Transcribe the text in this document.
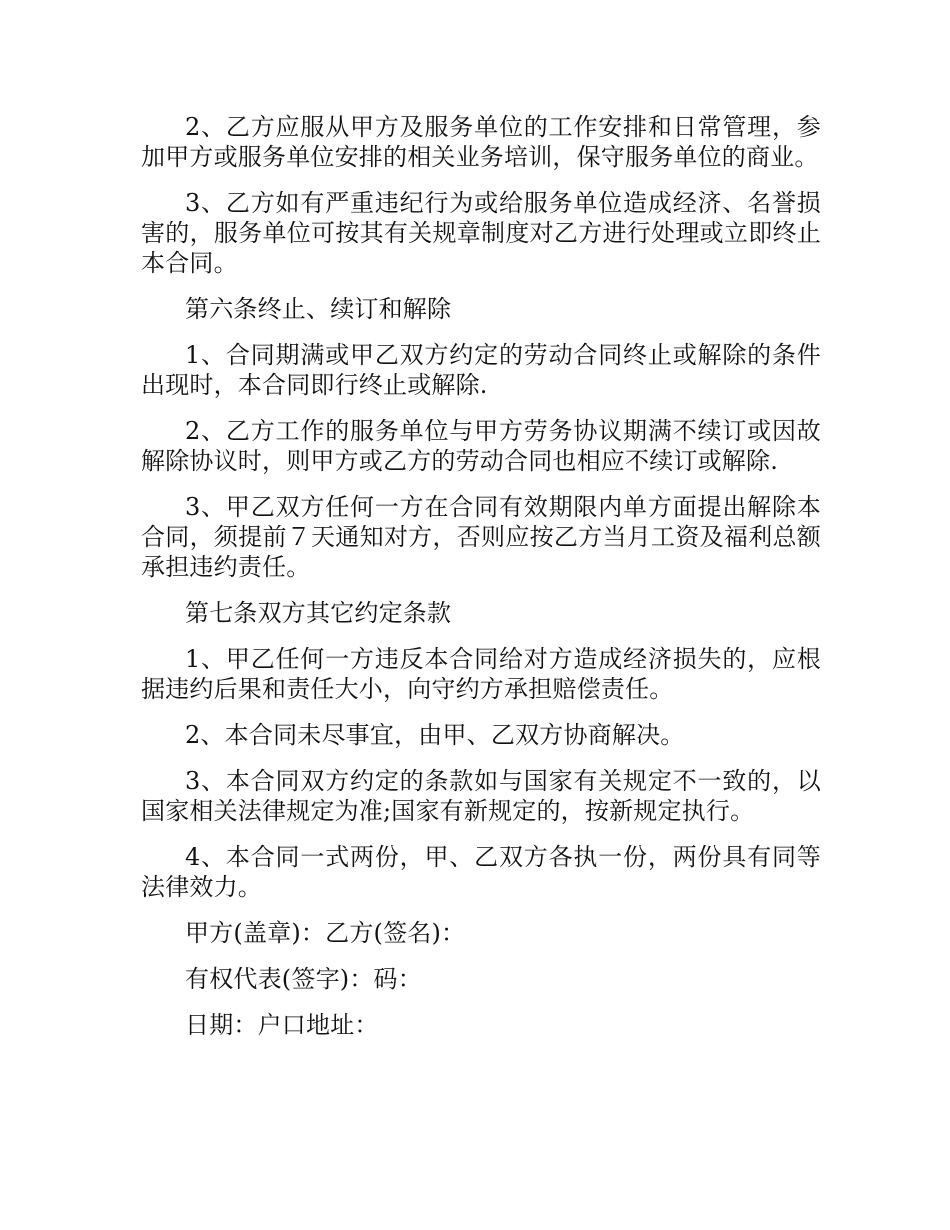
2、乙方应服从甲方及服务单位的工作安排和日常管理，参加甲方或服务单位安排的相关业务培训，保守服务单位的商业。

3、乙方如有严重违纪行为或给服务单位造成经济、名誉损害的，服务单位可按其有关规章制度对乙方进行处理或立即终止本合同。

第六条终止、续订和解除

1、合同期满或甲乙双方约定的劳动合同终止或解除的条件出现时，本合同即行终止或解除.

2、乙方工作的服务单位与甲方劳务协议期满不续订或因故解除协议时，则甲方或乙方的劳动合同也相应不续订或解除.

3、甲乙双方任何一方在合同有效期限内单方面提出解除本合同，须提前７天通知对方，否则应按乙方当月工资及福利总额承担违约责任。

第七条双方其它约定条款

1、甲乙任何一方违反本合同给对方造成经济损失的，应根据违约后果和责任大小，向守约方承担赔偿责任。

2、本合同未尽事宜，由甲、乙双方协商解决。

3、本合同双方约定的条款如与国家有关规定不一致的，以国家相关法律规定为准;国家有新规定的，按新规定执行。

4、本合同一式两份，甲、乙双方各执一份，两份具有同等法律效力。

甲方(盖章)：乙方(签名)：

有权代表(签字)：码：

日期：户口地址：
